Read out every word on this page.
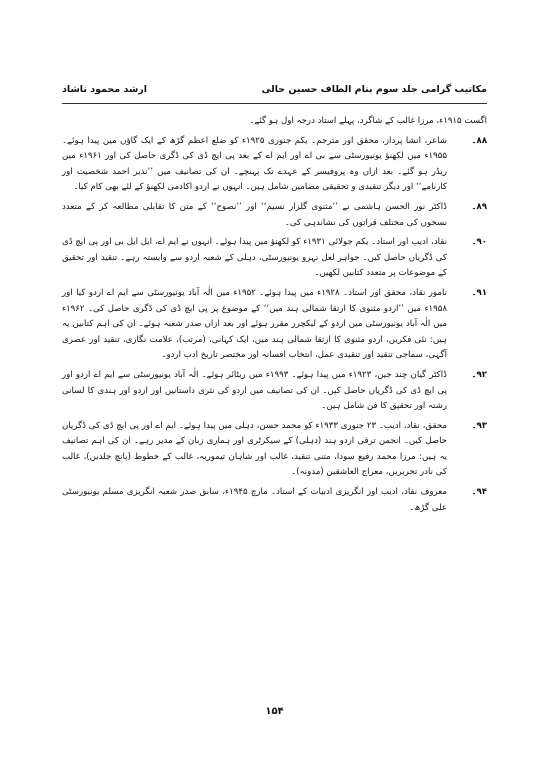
مکاتیب گرامی جلد سوم بنام الطاف حسین حالی
ارشد محمود ناشاد

اگست ۱۹۱۵ء، مرزا غالب کے شاگرد، پہلے استاد درجہ اول ہو گئے۔

۸۸۔
شاعر، انشا پرداز، محقق اور مترجم۔ یکم جنوری ۱۹۲۵ء کو ضلع اعظم گڑھ کے ایک گاؤں میں پیدا ہوئے۔ ۱۹۵۵ء میں لکھنؤ یونیورسٹی سے بی اے اور ایم اے کے بعد پی ایچ ڈی کی ڈگری حاصل کی اور ۱۹۶۱ء میں ریڈر ہو گئے۔ بعد ازاں وہ پروفیسر کے عہدے تک پہنچے۔ ان کی تصانیف میں ’’نذیر احمد شخصیت اور کارنامے‘‘ اور دیگر تنقیدی و تحقیقی مضامین شامل ہیں۔ انہوں نے اردو اکادمی لکھنؤ کے لئے بھی کام کیا۔
۸۹۔
ڈاکٹر نور الحسن ہاشمی نے ’’مثنوی گلزار نسیم‘‘ اور ’’نصوح‘‘ کے متن کا تقابلی مطالعہ کر کے متعدد نسخوں کی مختلف قراتوں کی نشاندہی کی۔
۹۰۔
نقاد، ادیب اور استاد۔ یکم جولائی ۱۹۳۱ء کو لکھنؤ میں پیدا ہوئے۔ انہوں نے ایم اے، ایل ایل بی اور پی ایچ ڈی کی ڈگریاں حاصل کیں۔ جواہر لعل نہرو یونیورسٹی، دہلی کے شعبہ اردو سے وابستہ رہے۔ تنقید اور تحقیق کے موضوعات پر متعدد کتابیں لکھیں۔
۹۱۔
نامور نقاد، محقق اور استاد۔ ۱۹۲۸ء میں پیدا ہوئے۔ ۱۹۵۲ء میں الٰہ آباد یونیورسٹی سے ایم اے اردو کیا اور ۱۹۵۸ء میں ’’اردو مثنوی کا ارتقا شمالی ہند میں‘‘ کے موضوع پر پی ایچ ڈی کی ڈگری حاصل کی۔ ۱۹۶۲ء میں الٰہ آباد یونیورسٹی میں اردو کے لیکچرر مقرر ہوئے اور بعد ازاں صدر شعبہ ہوئے۔ ان کی اہم کتابیں یہ ہیں: نئی فکریں، اردو مثنوی کا ارتقا شمالی ہند میں، ایک کہانی، (مرتب)، علامت نگاری، تنقید اور عصری آگہی، سماجی تنقید اور تنقیدی عمل، انتخاب افسانہ اور مختصر تاریخ ادب اردو۔
۹۲۔
ڈاکٹر گیان چند جین، ۱۹۲۳ء میں پیدا ہوئے۔ ۱۹۹۳ء میں ریٹائر ہوئے۔ الٰہ آباد یونیورسٹی سے ایم اے اردو اور پی ایچ ڈی کی ڈگریاں حاصل کیں۔ ان کی تصانیف میں اردو کی نثری داستانیں اور اردو اور ہندی کا لسانی رشتہ اور تحقیق کا فن شامل ہیں۔
۹۳۔
محقق، نقاد، ادیب۔ ۲۳ جنوری ۱۹۳۳ء کو محمد حسن، دہلی میں پیدا ہوئے۔ ایم اے اور پی ایچ ڈی کی ڈگریاں حاصل کیں۔ انجمن ترقی اردو ہند (دہلی) کے سیکرٹری اور ہماری زبان کے مدیر رہے۔ ان کی اہم تصانیف یہ ہیں: مرزا محمد رفیع سودا، متنی تنقید، غالب اور شاہان تیموریہ، غالب کے خطوط (پانچ جلدیں)، غالب کی نادر تحریریں، معراج العاشقین (مدونہ)۔
۹۴۔
معروف نقاد، ادیب اور انگریزی ادبیات کے استاد۔ مارچ ۱۹۴۵ء، سابق صدر شعبہ انگریزی مسلم یونیورسٹی علی گڑھ۔
۱۵۴
